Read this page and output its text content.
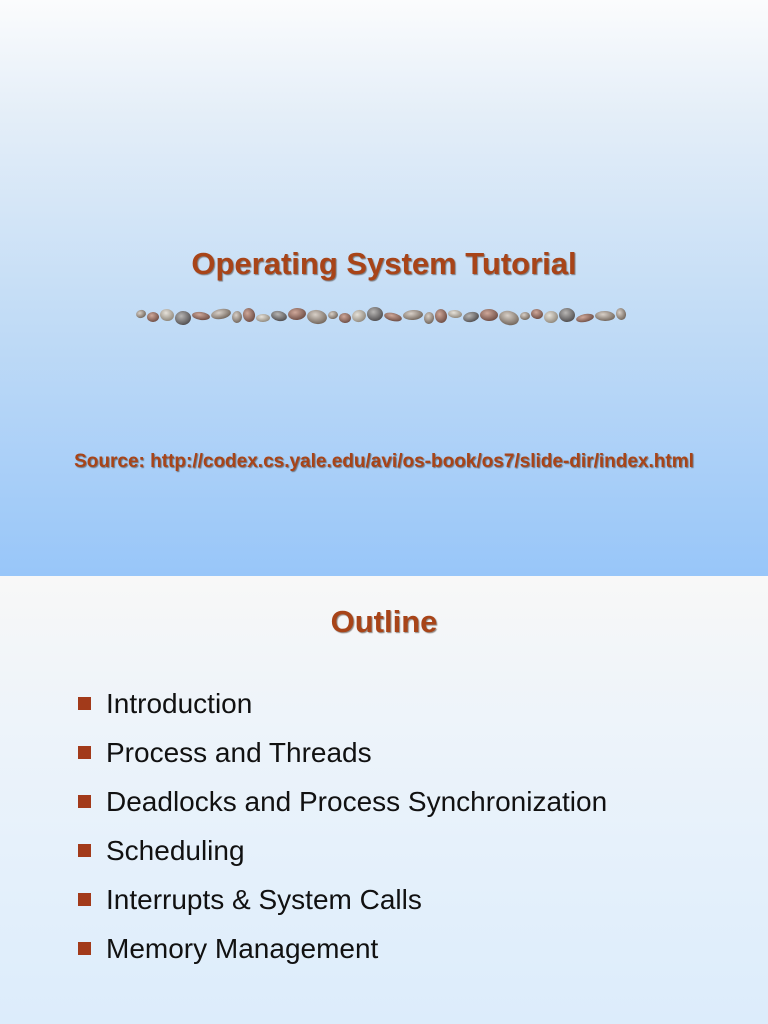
Operating System Tutorial
Source: http://codex.cs.yale.edu/avi/os-book/os7/slide-dir/index.html
Outline
Introduction
Process and Threads
Deadlocks and Process Synchronization
Scheduling
Interrupts & System Calls
Memory Management
